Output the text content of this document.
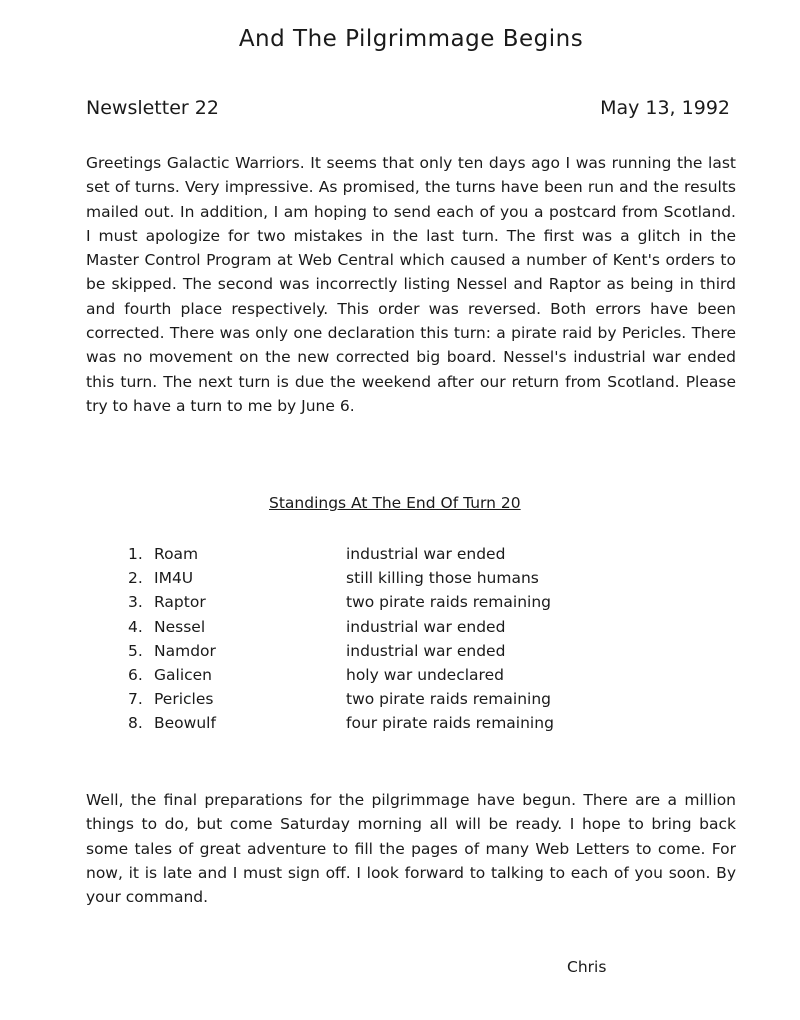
And The Pilgrimmage Begins
Newsletter 22	May 13, 1992

Greetings Galactic Warriors. It seems that only ten days ago I was running the last set of turns. Very impressive. As promised, the turns have been run and the results mailed out. In addition, I am hoping to send each of you a postcard from Scotland. I must apologize for two mistakes in the last turn. The first was a glitch in the Master Control Program at Web Central which caused a number of Kent's orders to be skipped. The second was incorrectly listing Nessel and Raptor as being in third and fourth place respectively. This order was reversed. Both errors have been corrected. There was only one declaration this turn: a pirate raid by Pericles. There was no movement on the new corrected big board. Nessel's industrial war ended this turn. The next turn is due the weekend after our return from Scotland. Please try to have a turn to me by June 6.

Standings At The End Of Turn 20
1. Roam	industrial war ended
2. IM4U	still killing those humans
3. Raptor	two pirate raids remaining
4. Nessel	industrial war ended
5. Namdor	industrial war ended
6. Galicen	holy war undeclared
7. Pericles	two pirate raids remaining
8. Beowulf	four pirate raids remaining

Well, the final preparations for the pilgrimmage have begun. There are a million things to do, but come Saturday morning all will be ready. I hope to bring back some tales of great adventure to fill the pages of many Web Letters to come. For now, it is late and I must sign off. I look forward to talking to each of you soon. By your command.

Chris
